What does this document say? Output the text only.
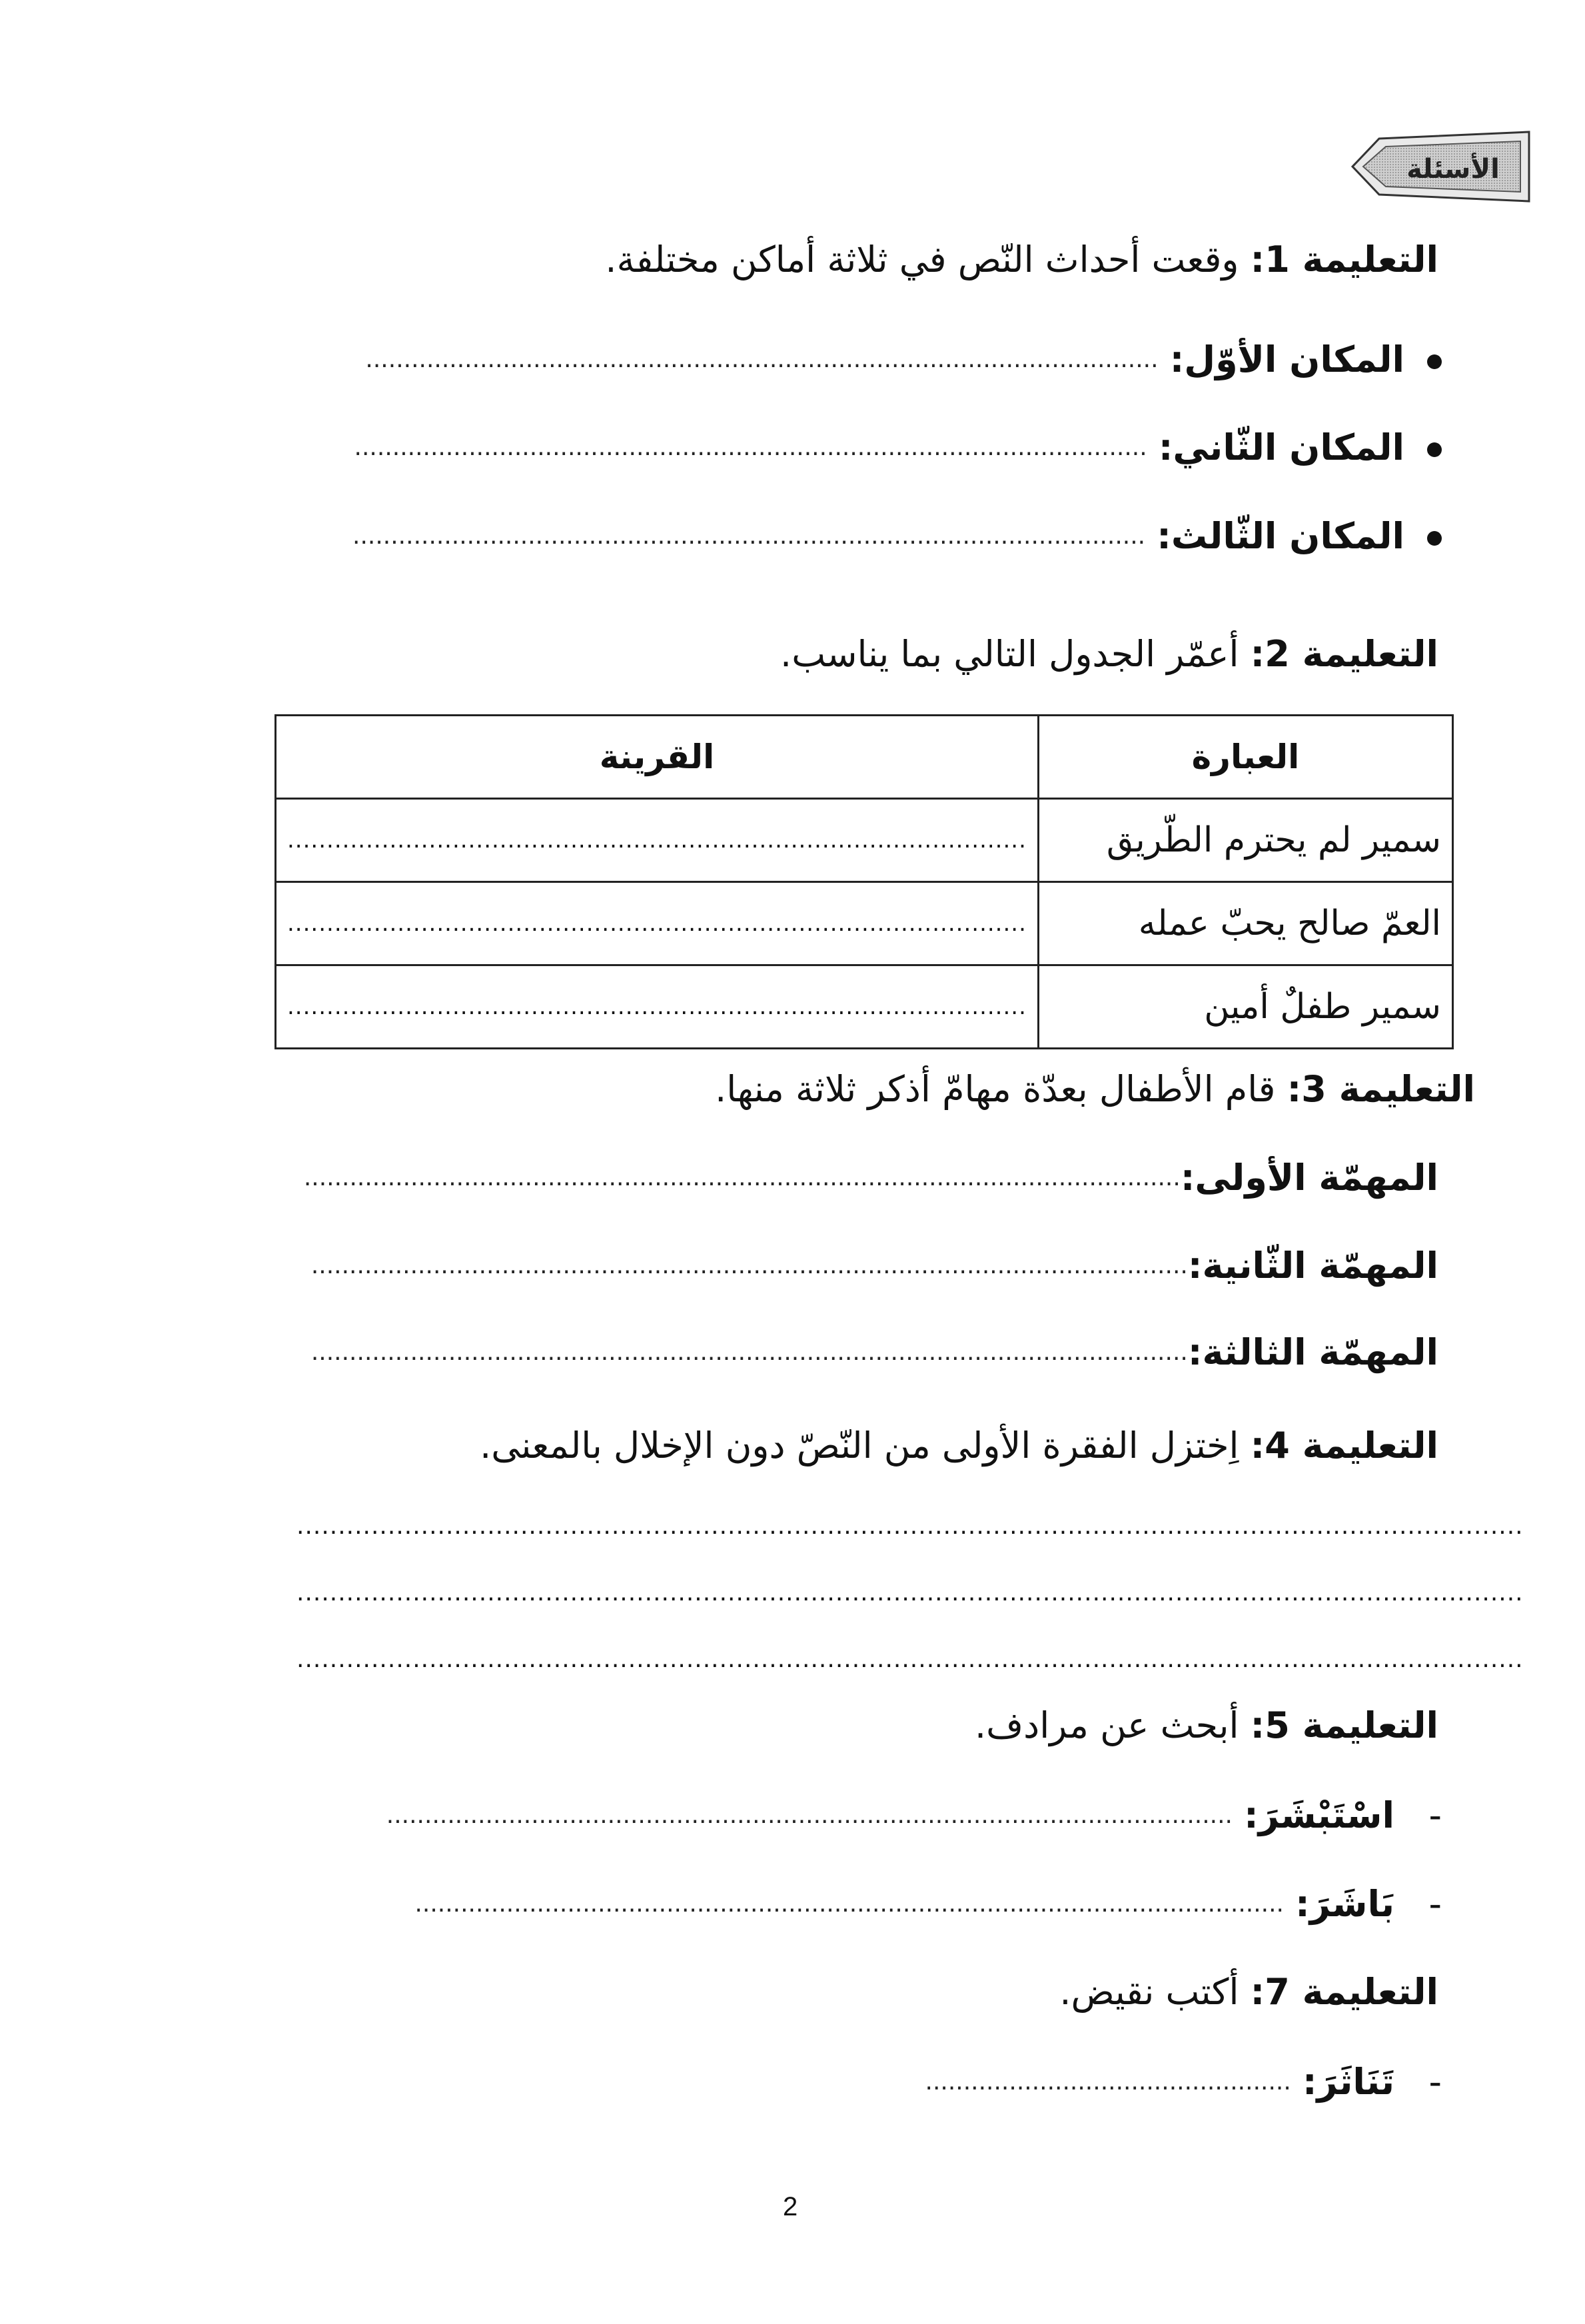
الأسئلة
التعليمة 1: وقعت أحداث النّص في ثلاثة أماكن مختلفة.
المكان الأوّل: ........................................................................................................
المكان الثّاني: ........................................................................................................
المكان الثّالث: ........................................................................................................
التعليمة 2: أعمّر الجدول التالي بما يناسب.
العبارة	القرينة
سمير لم يحترم الطّريق	..............................................................................................
العمّ صالح يحبّ عمله	..............................................................................................
سمير طفلٌ أمين	..............................................................................................
التعليمة 3: قام الأطفال بعدّة مهامّ أذكر ثلاثة منها.
المهمّة الأولى:...................................................................................................................
المهمّة الثّانية:...................................................................................................................
المهمّة الثالثة:...................................................................................................................
التعليمة 4: اِختزل الفقرة الأولى من النّصّ دون الإخلال بالمعنى.
....................................................................................................................................................
....................................................................................................................................................
....................................................................................................................................................
التعليمة 5: أبحث عن مرادف.
-   اسْتَبْشَرَ: ...............................................................................................................
-   بَاشَرَ: ..................................................................................................................
التعليمة 7: أكتب نقيض.
-   تَنَاثَرَ: ................................................
2
